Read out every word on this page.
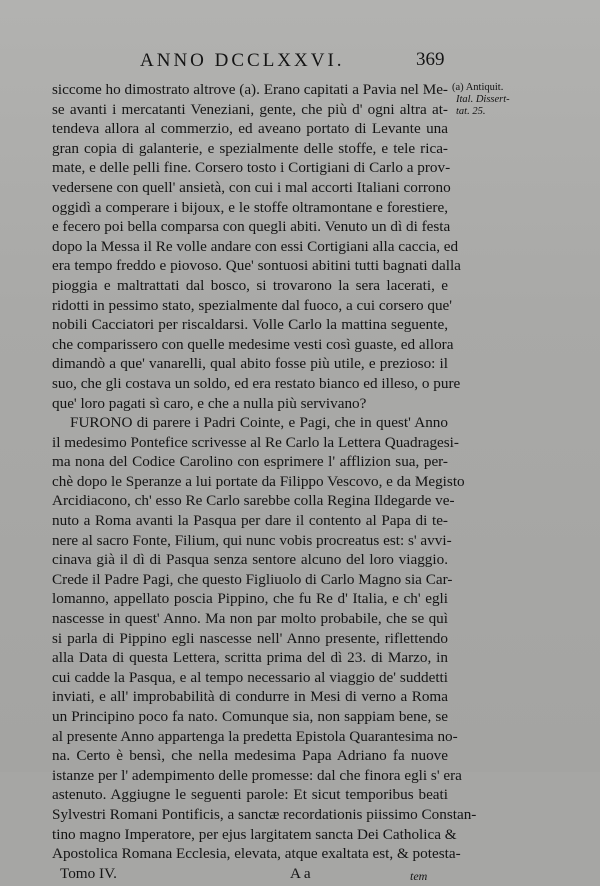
ANNO DCCLXXVI.	369
(a) Antiquit.
Ital. Dissert-
tat. 25.
siccome ho dimostrato altrove (a). Erano capitati a Pavia nel Me-
se avanti i mercatanti Veneziani, gente, che più d' ogni altra at-
tendeva allora al commerzio, ed aveano portato di Levante una
gran copia di galanterie, e spezialmente delle stoffe, e tele rica-
mate, e delle pelli fine. Corsero tosto i Cortigiani di Carlo a prov-
vedersene con quell' ansietà, con cui i mal accorti Italiani corrono
oggidì a comperare i bijoux, e le stoffe oltramontane e forestiere,
e fecero poi bella comparsa con quegli abiti. Venuto un dì di festa
dopo la Messa il Re volle andare con essi Cortigiani alla caccia, ed
era tempo freddo e piovoso. Que' sontuosi abitini tutti bagnati dalla
pioggia e maltrattati dal bosco, si trovarono la sera lacerati, e
ridotti in pessimo stato, spezialmente dal fuoco, a cui corsero que'
nobili Cacciatori per riscaldarsi. Volle Carlo la mattina seguente,
che comparissero con quelle medesime vesti così guaste, ed allora
dimandò a que' vanarelli, qual abito fosse più utile, e prezioso: il
suo, che gli costava un soldo, ed era restato bianco ed illeso, o pure
que' loro pagati sì caro, e che a nulla più servivano?
FURONO di parere i Padri Cointe, e Pagi, che in quest' Anno
il medesimo Pontefice scrivesse al Re Carlo la Lettera Quadragesi-
ma nona del Codice Carolino con esprimere l' afflizion sua, per-
chè dopo le Speranze a lui portate da Filippo Vescovo, e da Megisto
Arcidiacono, ch' esso Re Carlo sarebbe colla Regina Ildegarde ve-
nuto a Roma avanti la Pasqua per dare il contento al Papa di te-
nere al sacro Fonte, Filium, qui nunc vobis procreatus est: s' avvi-
cinava già il dì di Pasqua senza sentore alcuno del loro viaggio.
Crede il Padre Pagi, che questo Figliuolo di Carlo Magno sia Car-
lomanno, appellato poscia Pippino, che fu Re d' Italia, e ch' egli
nascesse in quest' Anno. Ma non par molto probabile, che se quì
si parla di Pippino egli nascesse nell' Anno presente, riflettendo
alla Data di questa Lettera, scritta prima del dì 23. di Marzo, in
cui cadde la Pasqua, e al tempo necessario al viaggio de' suddetti
inviati, e all' improbabilità di condurre in Mesi di verno a Roma
un Principino poco fa nato. Comunque sia, non sappiam bene, se
al presente Anno appartenga la predetta Epistola Quarantesima no-
na. Certo è bensì, che nella medesima Papa Adriano fa nuove
istanze per l' adempimento delle promesse: dal che finora egli s' era
astenuto. Aggiugne le seguenti parole: Et sicut temporibus beati
Sylvestri Romani Pontificis, a sanctæ recordationis piissimo Constan-
tino magno Imperatore, per ejus largitatem sancta Dei Catholica &
Apostolica Romana Ecclesia, elevata, atque exaltata est, & potesta-
Tomo IV.	A a	tem
